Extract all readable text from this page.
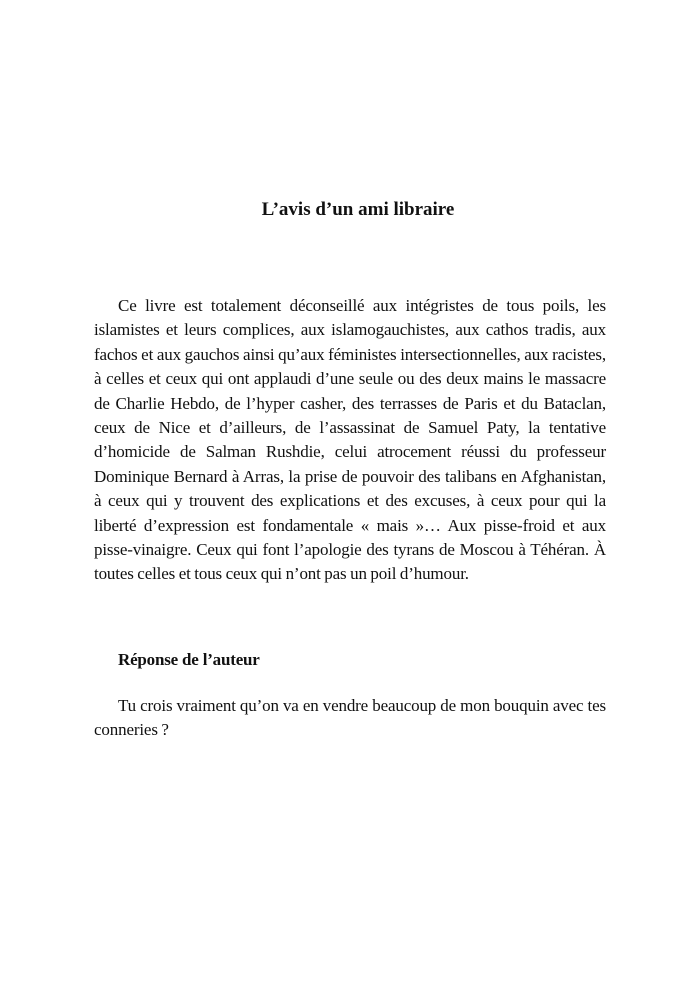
L’avis d’un ami libraire

Ce livre est totalement déconseillé aux intégristes de tous poils, les islamistes et leurs complices, aux islamogauchistes, aux cathos tradis, aux fachos et aux gauchos ainsi qu’aux féministes intersectionnelles, aux racistes, à celles et ceux qui ont applaudi d’une seule ou des deux mains le massacre de Charlie Hebdo, de l’hyper casher, des terrasses de Paris et du Bataclan, ceux de Nice et d’ailleurs, de l’assassinat de Samuel Paty, la tentative d’homicide de Salman Rushdie, celui atrocement réussi du professeur Dominique Bernard à Arras, la prise de pouvoir des talibans en Afghanistan, à ceux qui y trouvent des explications et des excuses, à ceux pour qui la liberté d’expression est fondamentale « mais »… Aux pisse-froid et aux pisse-vinaigre. Ceux qui font l’apologie des tyrans de Moscou à Téhéran. À toutes celles et tous ceux qui n’ont pas un poil d’humour.

Réponse de l’auteur

Tu crois vraiment qu’on va en vendre beaucoup de mon bouquin avec tes conneries ?
